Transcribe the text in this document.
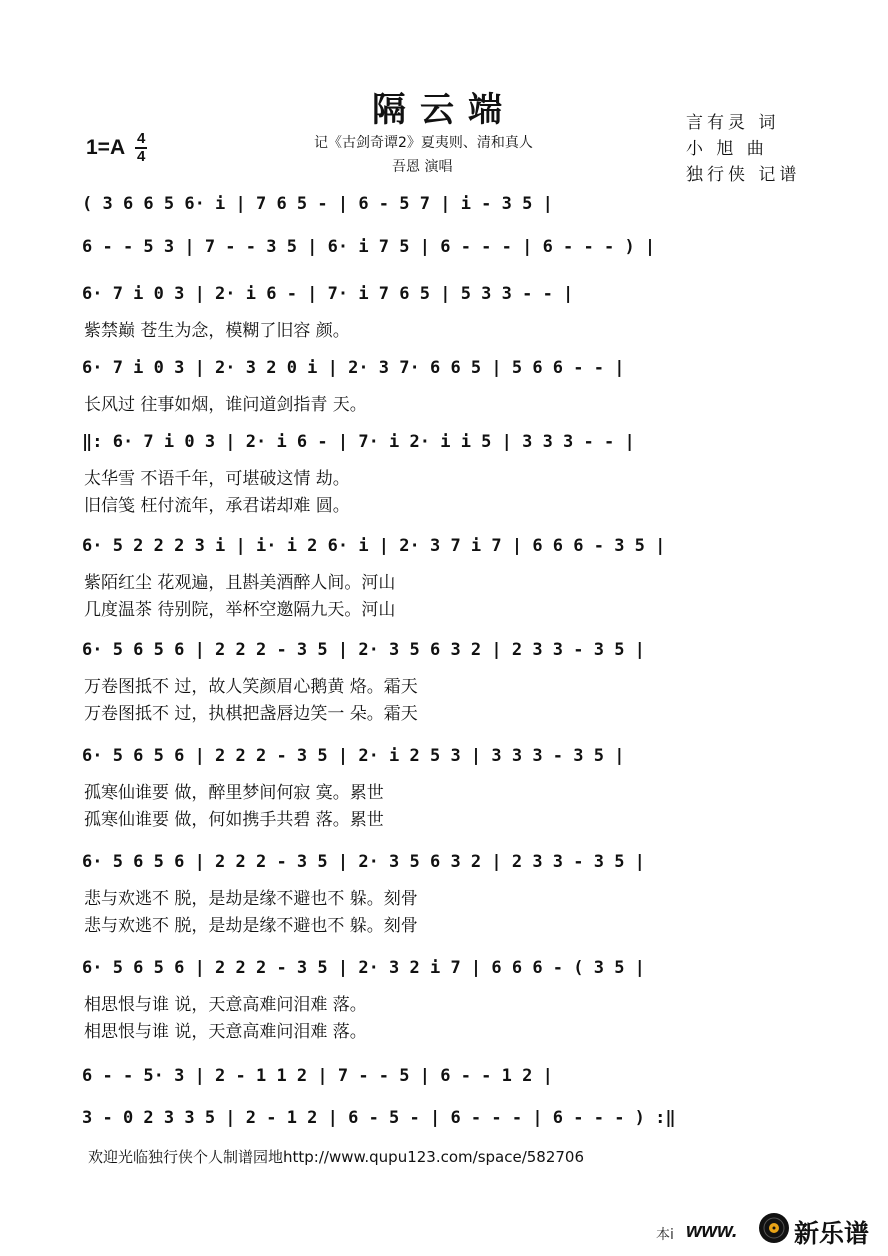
隔云端
$1=A \frac{4}{4}$	记《古剑奇谭2》夏夷则、清和真人
吾恩 演唱
言有灵 词
小 旭 曲
独行侠 记谱
( 3 6 6 5 6· i | 7 6 5 - | 6 - 5 7 | i - 3 5 |
6 - - 5 3 | 7 - - 3 5 | 6· i 7 5 | 6 - - - | 6 - - - ) |
6· 7 i 0 3 | 2· i 6 - | 7· i 7 6 5 | 5 3 3 - - |
紫禁巅 苍生为念，模糊了旧容 颜。
6· 7 i 0 3 | 2· 3 2 0 i | 2· 3 7· 6 6 5 | 5 6 6 - - |
长风过 往事如烟，谁问道剑指青 天。
‖: 6· 7 i 0 3 | 2· i 6 - | 7· i 2· i i 5 | 3 3 3 - - |
太华雪 不语千年，可堪破这情 劫。
旧信笺 枉付流年，承君诺却难 圆。
6· 5 2 2 2 3 i | i· i 2 6· i | 2· 3 7 i 7 | 6 6 6 - 3 5 |
紫陌红尘 花观遍，且斟美酒醉人间。河山
几度温茶 待别院，举杯空邀隔九天。河山
6· 5 6 5 6 | 2 2 2 - 3 5 | 2· 3 5 6 3 2 | 2 3 3 - 3 5 |
万卷图抵不 过，故人笑颜眉心鹅黄 烙。霜天
万卷图抵不 过，执棋把盏唇边笑一 朵。霜天
6· 5 6 5 6 | 2 2 2 - 3 5 | 2· i 2 5 3 | 3 3 3 - 3 5 |
孤寒仙谁要 做，醉里梦间何寂 寞。累世
孤寒仙谁要 做，何如携手共碧 落。累世
6· 5 6 5 6 | 2 2 2 - 3 5 | 2· 3 5 6 3 2 | 2 3 3 - 3 5 |
悲与欢逃不 脱，是劫是缘不避也不 躲。刻骨
悲与欢逃不 脱，是劫是缘不避也不 躲。刻骨
6· 5 6 5 6 | 2 2 2 - 3 5 | 2· 3 2 i 7 | 6 6 6 - ( 3 5 |
相思恨与谁 说，天意高难问泪难 落。
相思恨与谁 说，天意高难问泪难 落。
6 - - 5· 3 | 2 - 1 1 2 | 7 - - 5 | 6 - - 1 2 |
3 - 0 2 3 3 5 | 2 - 1 2 | 6 - 5 - | 6 - - - | 6 - - - ) :‖
欢迎光临独行侠个人制谱园地http://www.qupu123.com/space/582706
本i www. 新乐谱
